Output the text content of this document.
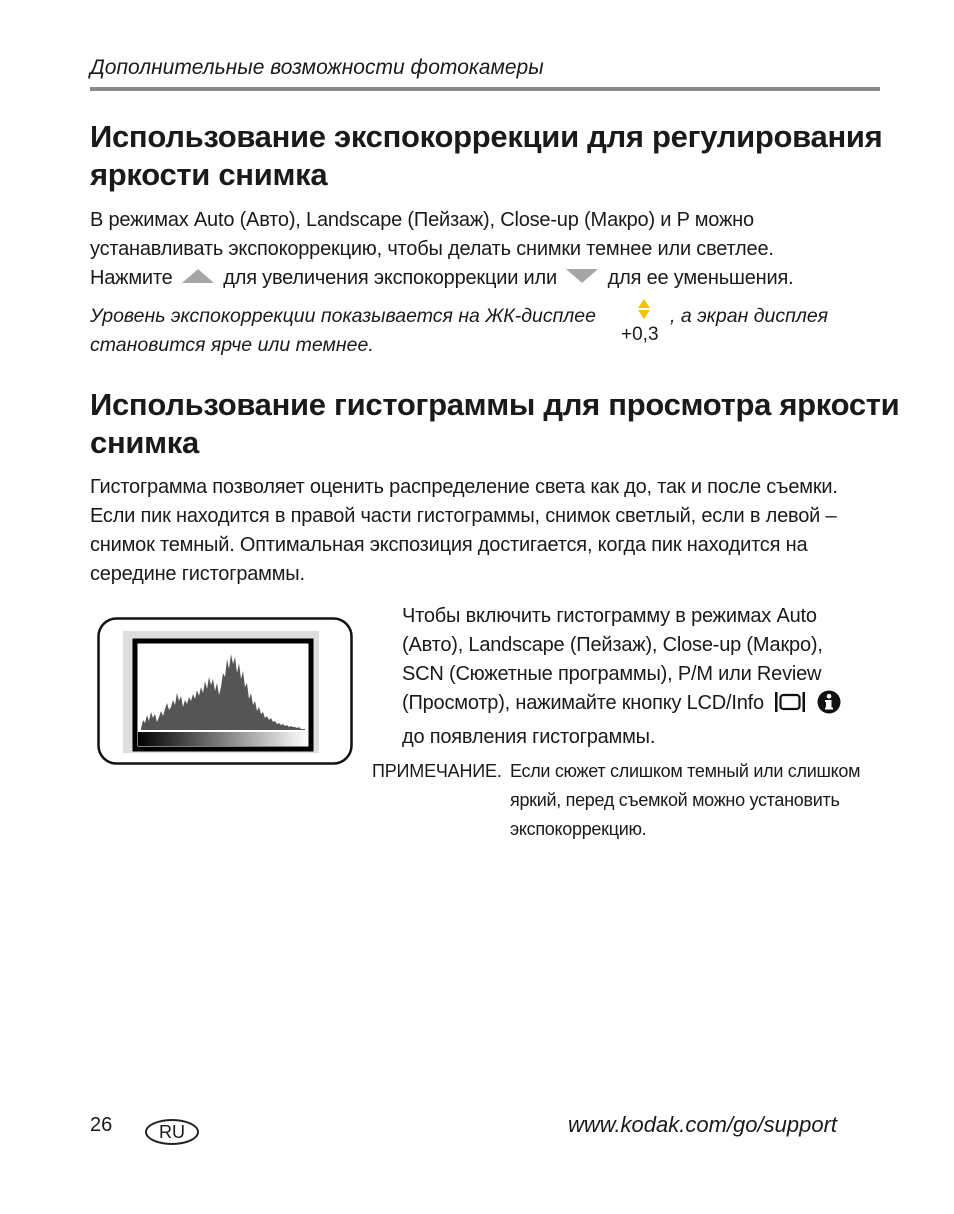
Дополнительные возможности фотокамеры
Использование экспокоррекции для регулирования
яркости снимка
В режимах Auto (Авто), Landscape (Пейзаж), Close-up (Макро) и P можно
устанавливать экспокоррекцию, чтобы делать снимки темнее или светлее.
Нажмите	для увеличения экспокоррекции или	для ее уменьшения.
Уровень экспокоррекции показывается на ЖК-дисплее
+0,3
, а экран дисплея
становится ярче или темнее.
Использование гистограммы для просмотра яркости
снимка
Гистограмма позволяет оценить распределение света как до, так и после съемки.
Если пик находится в правой части гистограммы, снимок светлый, если в левой –
снимок темный. Оптимальная экспозиция достигается, когда пик находится на
середине гистограммы.
Чтобы включить гистограмму в режимах Auto
(Авто), Landscape (Пейзаж), Close-up (Макро),
SCN (Сюжетные программы), P/M или Review
(Просмотр), нажимайте кнопку LCD/Info
до появления гистограммы.
ПРИМЕЧАНИЕ. Если сюжет слишком темный или слишком
яркий, перед съемкой можно установить
экспокоррекцию.
26	RU	www.kodak.com/go/support
